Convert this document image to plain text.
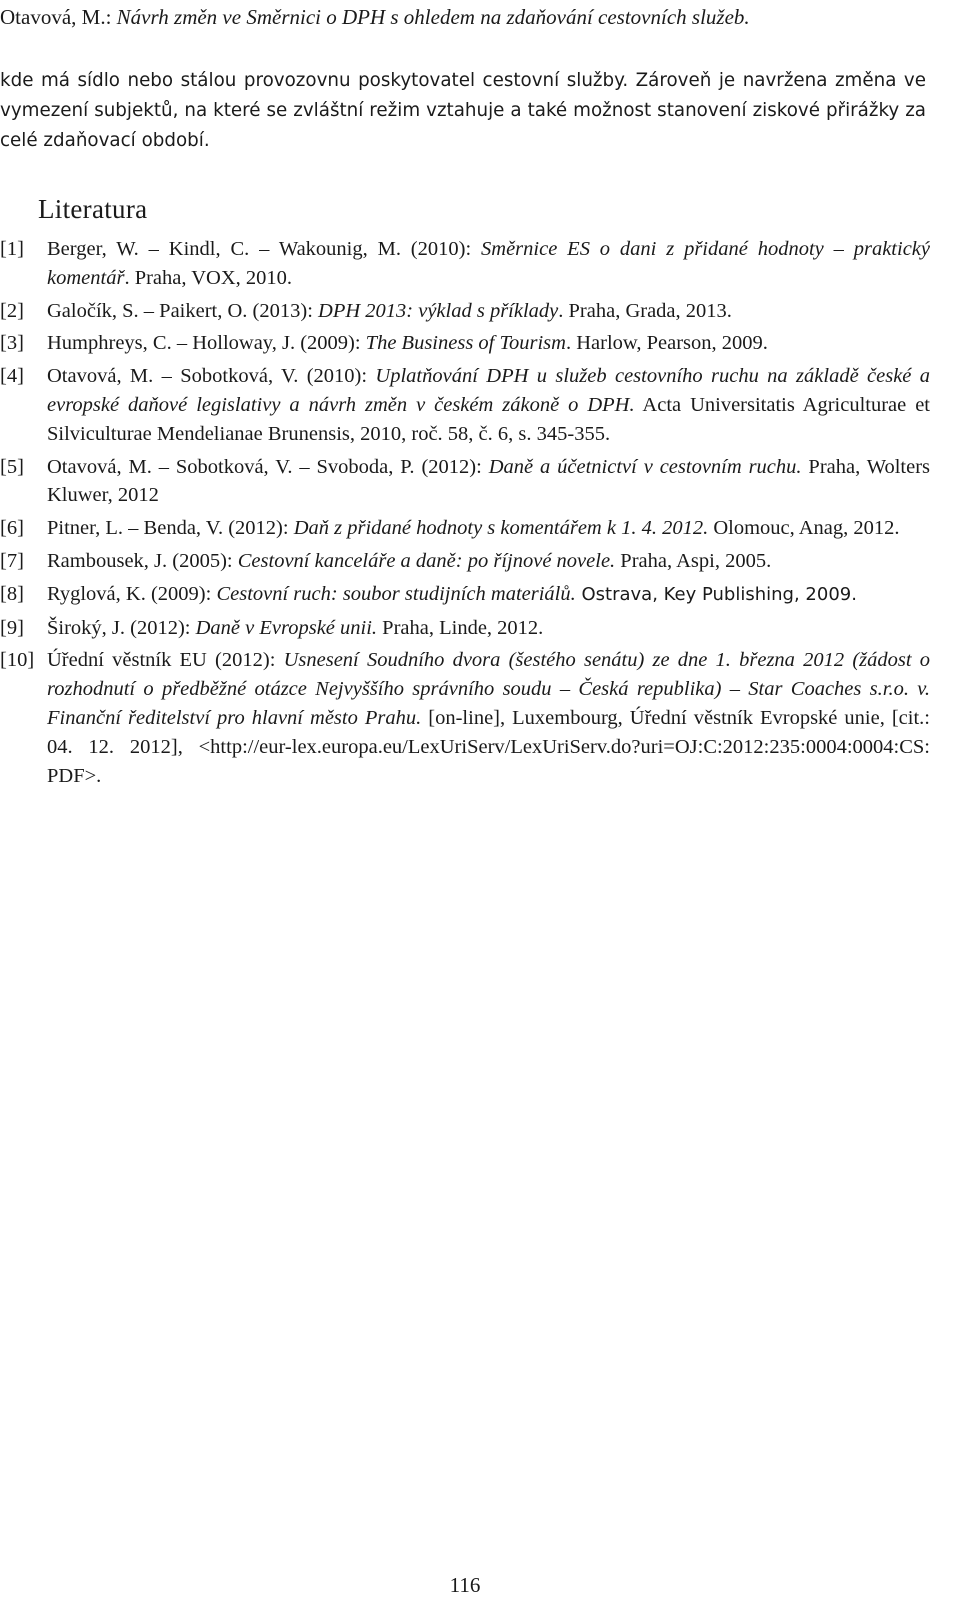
Otavová, M.: Návrh změn ve Směrnici o DPH s ohledem na zdaňování cestovních služeb.

kde má sídlo nebo stálou provozovnu poskytovatel cestovní služby. Zároveň je navržena změna ve vymezení subjektů, na které se zvláštní režim vztahuje a také možnost stanovení ziskové přirážky za celé zdaňovací období.

Literatura
[1]	Berger, W. – Kindl, C. – Wakounig, M. (2010): Směrnice ES o dani z přidané hodnoty – praktický komentář. Praha, VOX, 2010.
[2]	Galočík, S. – Paikert, O. (2013): DPH 2013: výklad s příklady. Praha, Grada, 2013.
[3]	Humphreys, C. – Holloway, J. (2009): The Business of Tourism. Harlow, Pearson, 2009.
[4]	Otavová, M. – Sobotková, V. (2010): Uplatňování DPH u služeb cestovního ruchu na základě české a evropské daňové legislativy a návrh změn v českém zákoně o DPH. Acta Universitatis Agriculturae et Silviculturae Mendelianae Brunensis, 2010, roč. 58, č. 6, s. 345-355.
[5]	Otavová, M. – Sobotková, V. – Svoboda, P. (2012): Daně a účetnictví v cestovním ruchu. Praha, Wolters Kluwer, 2012
[6]	Pitner, L. – Benda, V. (2012): Daň z přidané hodnoty s komentářem k 1. 4. 2012. Olomouc, Anag, 2012.
[7]	Rambousek, J. (2005): Cestovní kanceláře a daně: po říjnové novele. Praha, Aspi, 2005.
[8]	Ryglová, K. (2009): Cestovní ruch: soubor studijních materiálů. Ostrava, Key Publishing, 2009.
[9]	Široký, J. (2012): Daně v Evropské unii. Praha, Linde, 2012.
[10] Úřední věstník EU (2012): Usnesení Soudního dvora (šestého senátu) ze dne 1. března 2012 (žádost o rozhodnutí o předběžné otázce Nejvyššího správního soudu – Česká republika) – Star Coaches s.r.o. v. Finanční ředitelství pro hlavní město Prahu. [on-line], Luxembourg, Úřední věstník Evropské unie, [cit.: 04. 12. 2012], <http://eur-lex.europa.eu/LexUriServ/LexUriServ.do?uri=OJ:C:2012:235:0004:0004:CS: PDF>.
116
